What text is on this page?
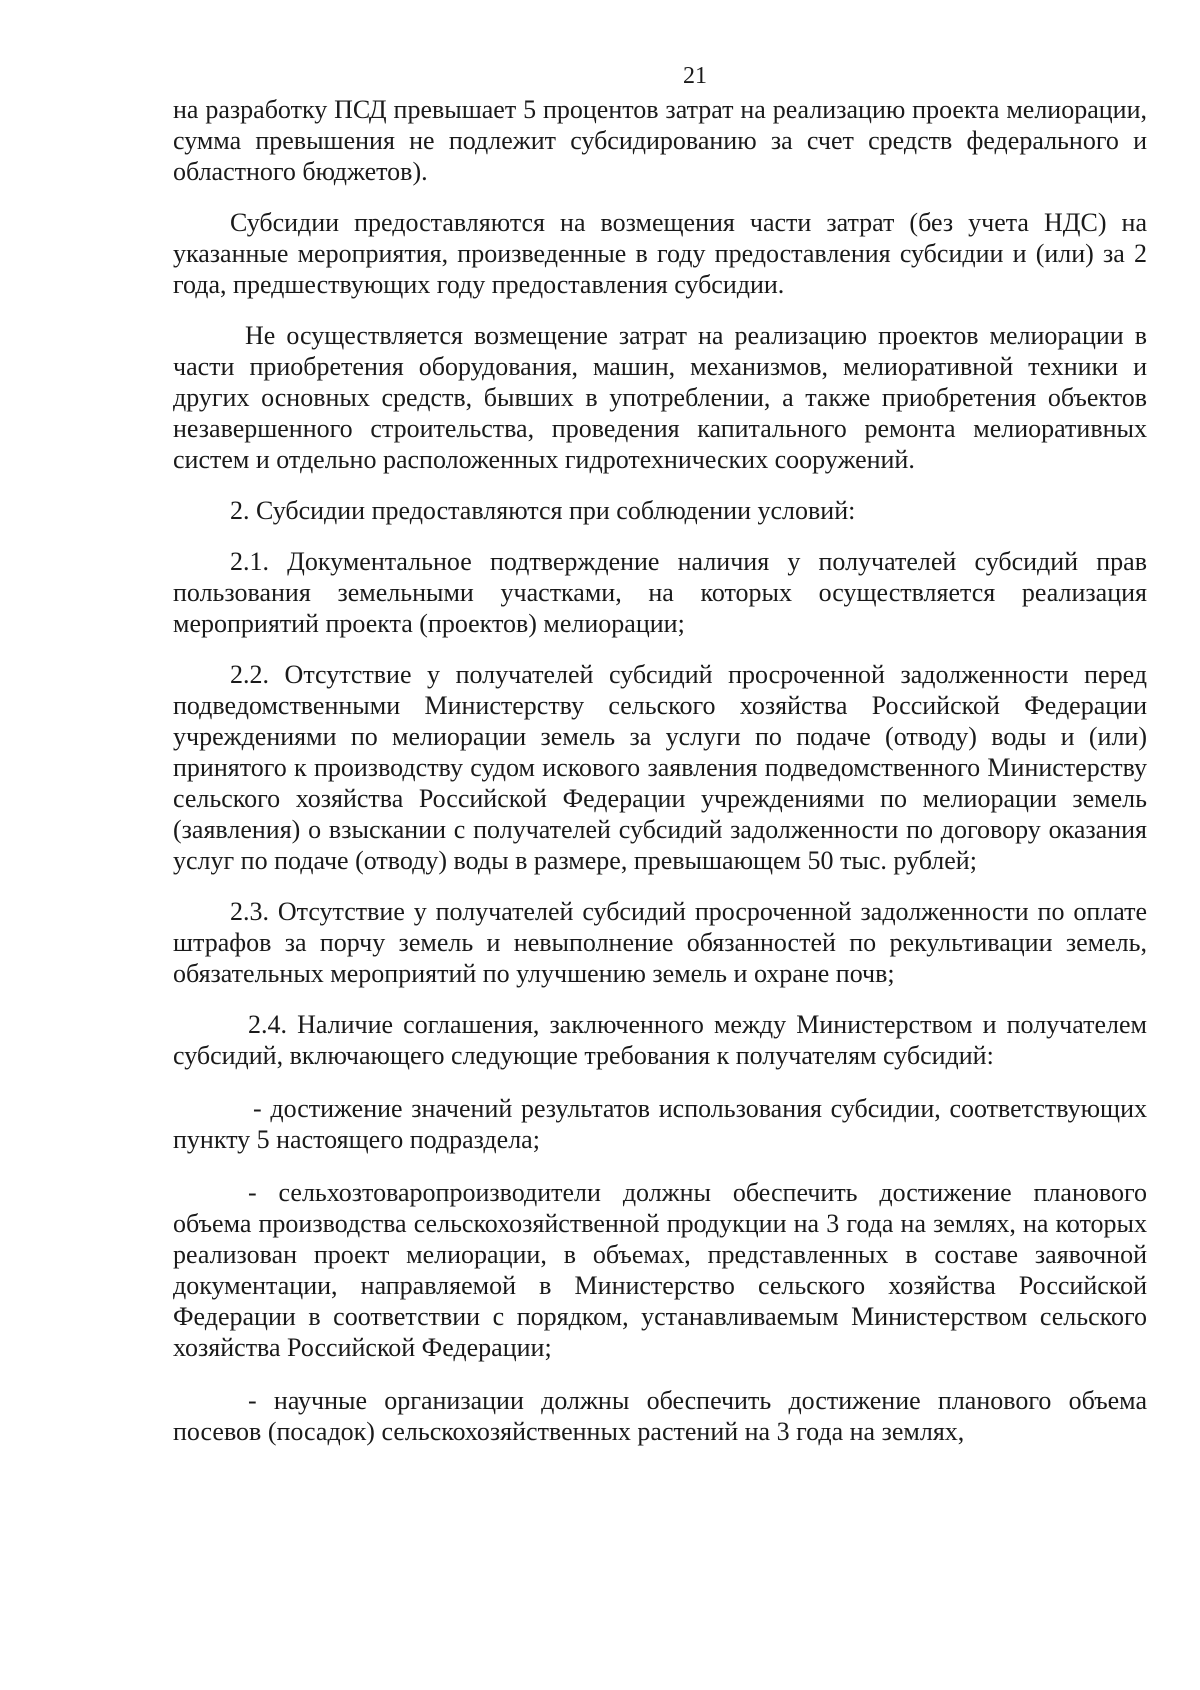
21

на разработку ПСД превышает 5 процентов затрат на реализацию проекта мелиорации, сумма превышения не подлежит субсидированию за счет средств федерального и областного бюджетов).

Субсидии предоставляются на возмещения части затрат (без учета НДС) на указанные мероприятия, произведенные в году предоставления субсидии и (или) за 2 года, предшествующих году предоставления субсидии.

Не осуществляется возмещение затрат на реализацию проектов мелиорации в части приобретения оборудования, машин, механизмов, мелиоративной техники и других основных средств, бывших в употреблении, а также приобретения объектов незавершенного строительства, проведения капитального ремонта мелиоративных систем и отдельно расположенных гидротехнических сооружений.

2. Субсидии предоставляются при соблюдении условий:

2.1. Документальное подтверждение наличия у получателей субсидий прав пользования земельными участками, на которых осуществляется реализация мероприятий проекта (проектов) мелиорации;

2.2. Отсутствие у получателей субсидий просроченной задолженности перед подведомственными Министерству сельского хозяйства Российской Федерации учреждениями по мелиорации земель за услуги по подаче (отводу) воды и (или) принятого к производству судом искового заявления подведомственного Министерству сельского хозяйства Российской Федерации учреждениями по мелиорации земель (заявления) о взыскании с получателей субсидий задолженности по договору оказания услуг по подаче (отводу) воды в размере, превышающем 50 тыс. рублей;

2.3. Отсутствие у получателей субсидий просроченной задолженности по оплате штрафов за порчу земель и невыполнение обязанностей по рекультивации земель, обязательных мероприятий по улучшению земель и охране почв;

2.4. Наличие соглашения, заключенного между Министерством и получателем субсидий, включающего следующие требования к получателям субсидий:

- достижение значений результатов использования субсидии, соответствующих пункту 5 настоящего подраздела;

- сельхозтоваропроизводители должны обеспечить достижение планового объема производства сельскохозяйственной продукции на 3 года на землях, на которых реализован проект мелиорации, в объемах, представленных в составе заявочной документации, направляемой в Министерство сельского хозяйства Российской Федерации в соответствии с порядком, устанавливаемым Министерством сельского хозяйства Российской Федерации;

- научные организации должны обеспечить достижение планового объема посевов (посадок) сельскохозяйственных растений на 3 года на землях,
